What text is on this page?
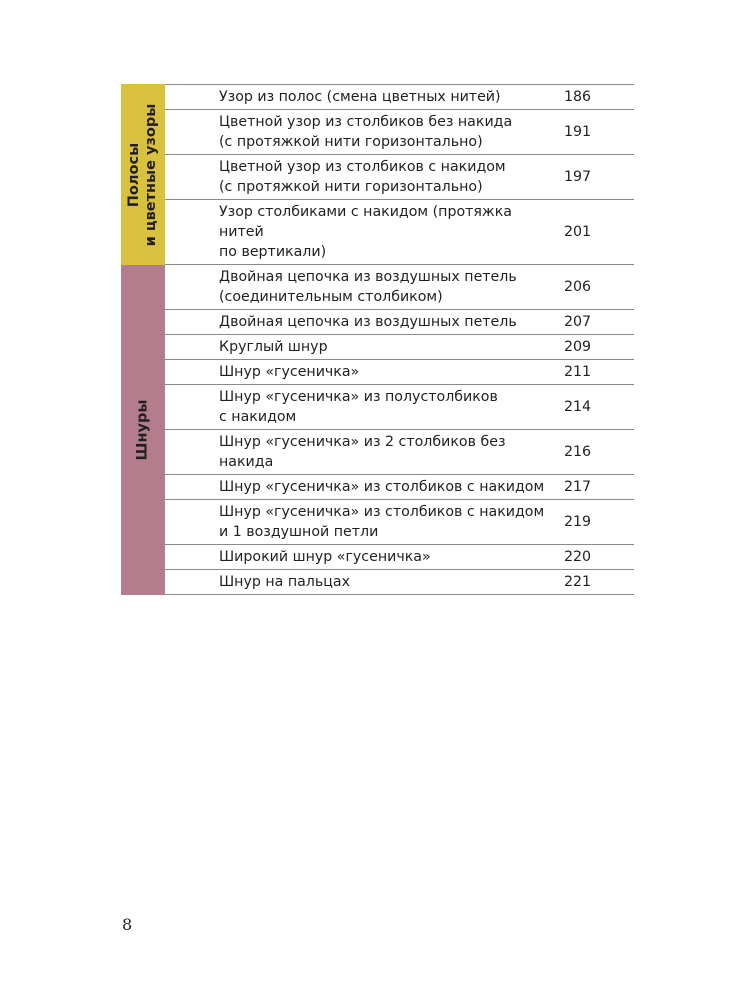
Полосы и цветные узоры
Узор из полос (смена цветных нитей)	186
Цветной узор из столбиков без накида
(с протяжкой нити горизонтально)
191
Цветной узор из столбиков с накидом
(с протяжкой нити горизонтально)
197
Узор столбиками с накидом (протяжка нитей
по вертикали)
201
Шнуры
Двойная цепочка из воздушных петель
(соединительным столбиком)
206
Двойная цепочка из воздушных петель	207
Круглый шнур	209
Шнур «гусеничка»	211
Шнур «гусеничка» из полустолбиков
с накидом
214
Шнур «гусеничка» из 2 столбиков без накида
216
Шнур «гусеничка» из столбиков с накидом	217
Шнур «гусеничка» из столбиков с накидом
и 1 воздушной петли
219
Широкий шнур «гусеничка»	220
Шнур на пальцах	221
8
